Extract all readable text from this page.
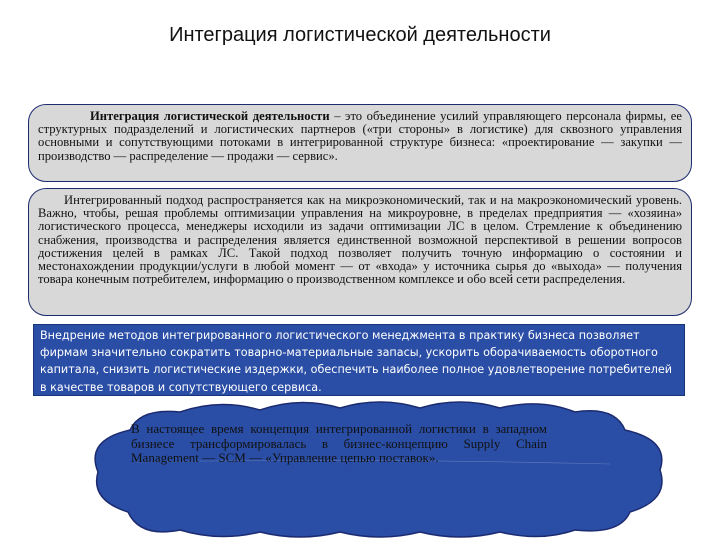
Интеграция логистической деятельности
Интеграция логистической деятельности – это объединение усилий управляющего персонала фирмы, ее структурных подразделений и логистических партнеров («три стороны» в логистике) для сквозного управления основными и сопутствующими потоками в интегрированной структуре бизнеса: «проектирование — закупки — производство — распределение — продажи — сервис».
Интегрированный подход распространяется как на микроэкономический, так и на макроэкономический уровень. Важно, чтобы, решая проблемы оптимизации управления на микроуровне, в пределах предприятия — «хозяина» логистического процесса, менеджеры исходили из задачи оптимизации ЛС в целом. Стремление к объединению снабжения, производства и распределения является единственной возможной перспективой в решении вопросов достижения целей в рамках ЛС. Такой подход позволяет получить точную информацию о состоянии и местонахождении продукции/услуги в любой момент — от «входа» у источника сырья до «выхода» — получения товара конечным потребителем, информацию о производственном комплексе и обо всей сети распределения.
Внедрение методов интегрированного логистического менеджмента в практику бизнеса позволяет фирмам значительно сократить товарно-материальные запасы, ускорить оборачиваемость оборотного капитала, снизить логистические издержки, обеспечить наиболее полное удовлетворение потребителей в качестве товаров и сопутствующего сервиса.
В настоящее время концепция интегрированной логистики в западном бизнесе трансформировалась в бизнес-концепцию Supply Chain Management — SCM — «Управление цепью поставок».
